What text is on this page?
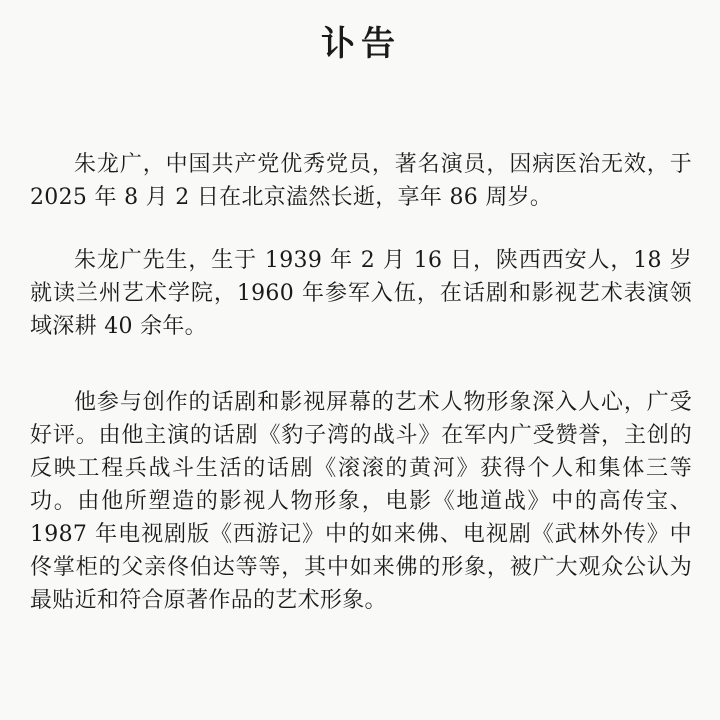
讣告

朱龙广，中国共产党优秀党员，著名演员，因病医治无效，于 2025 年 8 月 2 日在北京溘然长逝，享年 86 周岁。

朱龙广先生，生于 1939 年 2 月 16 日，陕西西安人，18 岁就读兰州艺术学院，1960 年参军入伍，在话剧和影视艺术表演领域深耕 40 余年。

他参与创作的话剧和影视屏幕的艺术人物形象深入人心，广受好评。由他主演的话剧《豹子湾的战斗》在军内广受赞誉，主创的反映工程兵战斗生活的话剧《滚滚的黄河》获得个人和集体三等功。由他所塑造的影视人物形象，电影《地道战》中的高传宝、1987 年电视剧版《西游记》中的如来佛、电视剧《武林外传》中佟掌柜的父亲佟伯达等等，其中如来佛的形象，被广大观众公认为最贴近和符合原著作品的艺术形象。
